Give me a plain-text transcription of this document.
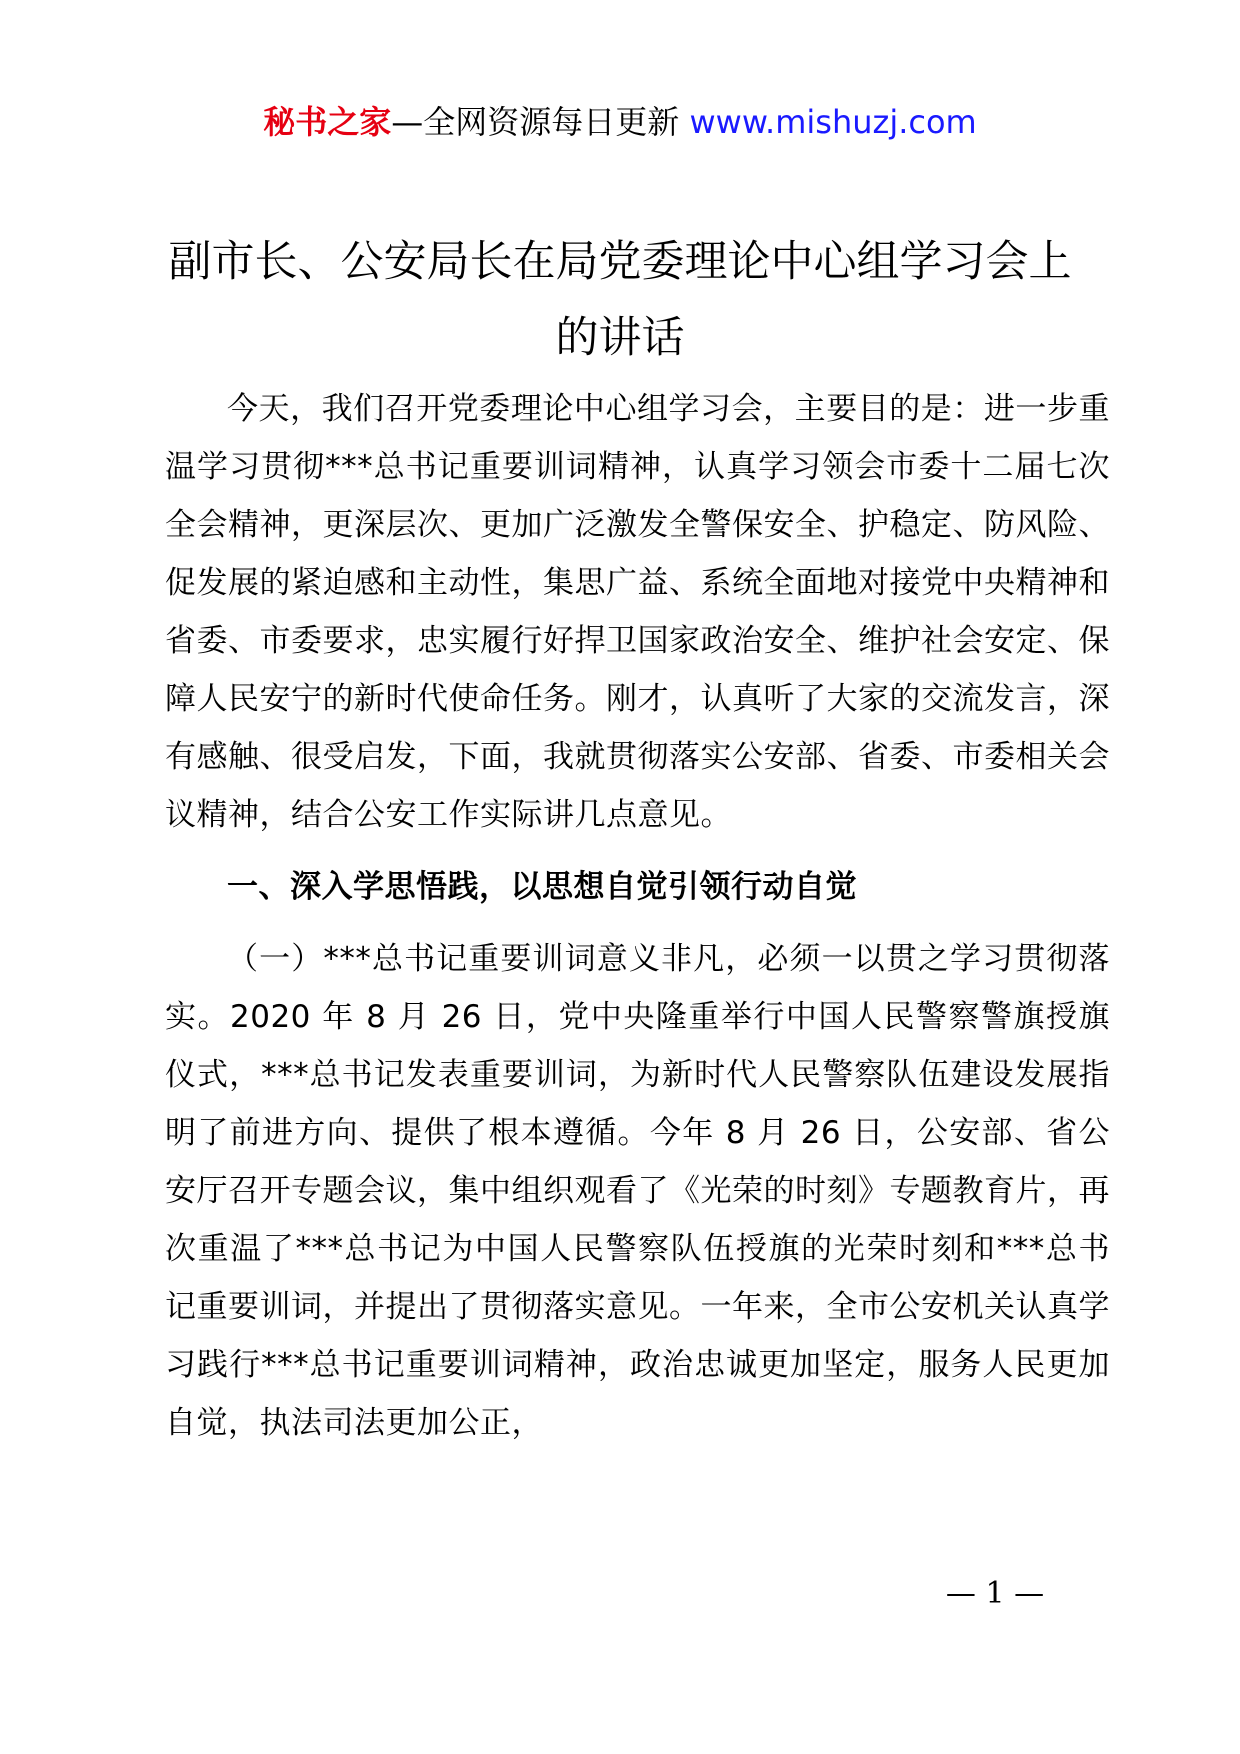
秘书之家—全网资源每日更新 www.mishuzj.com
副市长、公安局长在局党委理论中心组学习会上的讲话

今天，我们召开党委理论中心组学习会，主要目的是：进一步重温学习贯彻***总书记重要训词精神，认真学习领会市委十二届七次全会精神，更深层次、更加广泛激发全警保安全、护稳定、防风险、促发展的紧迫感和主动性，集思广益、系统全面地对接党中央精神和省委、市委要求，忠实履行好捍卫国家政治安全、维护社会安定、保障人民安宁的新时代使命任务。刚才，认真听了大家的交流发言，深有感触、很受启发，下面，我就贯彻落实公安部、省委、市委相关会议精神，结合公安工作实际讲几点意见。

一、深入学思悟践，以思想自觉引领行动自觉

（一）***总书记重要训词意义非凡，必须一以贯之学习贯彻落实。2020 年 8 月 26 日，党中央隆重举行中国人民警察警旗授旗仪式，***总书记发表重要训词，为新时代人民警察队伍建设发展指明了前进方向、提供了根本遵循。今年 8 月 26 日，公安部、省公安厅召开专题会议，集中组织观看了《光荣的时刻》专题教育片，再次重温了***总书记为中国人民警察队伍授旗的光荣时刻和***总书记重要训词，并提出了贯彻落实意见。一年来，全市公安机关认真学习践行***总书记重要训词精神，政治忠诚更加坚定，服务人民更加自觉，执法司法更加公正，

— 1 —
